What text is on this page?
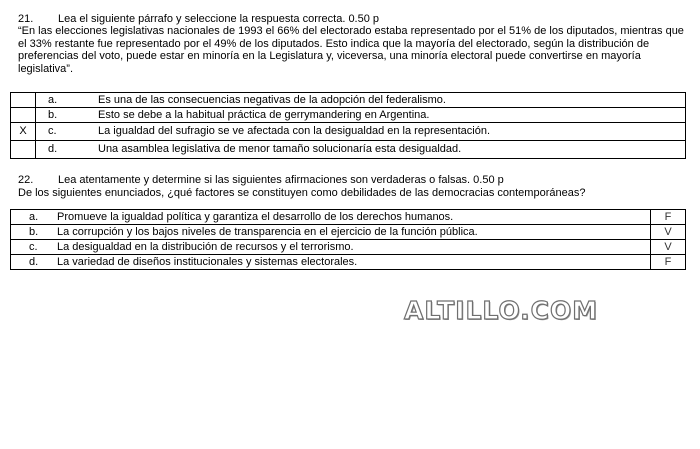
21. Lea el siguiente párrafo y seleccione la respuesta correcta. 0.50 p
“En las elecciones legislativas nacionales de 1993 el 66% del electorado estaba representado por el 51% de los diputados, mientras que el 33% restante fue representado por el 49% de los diputados. Esto indica que la mayoría del electorado, según la distribución de preferencias del voto, puede estar en minoría en la Legislatura y, viceversa, una minoría electoral puede convertirse en mayoría legislativa”.
	a.	Es una de las consecuencias negativas de la adopción del federalismo.
	b.	Esto se debe a la habitual práctica de gerrymandering en Argentina.
X	c.	La igualdad del sufragio se ve afectada con la desigualdad en la representación.
	d.	Una asamblea legislativa de menor tamaño solucionaría esta desigualdad.
22. Lea atentamente y determine si las siguientes afirmaciones son verdaderas o falsas. 0.50 p
De los siguientes enunciados, ¿qué factores se constituyen como debilidades de las democracias contemporáneas?
a.	Promueve la igualdad política y garantiza el desarrollo de los derechos humanos.	F
b.	La corrupción y los bajos niveles de transparencia en el ejercicio de la función pública.	V
c.	La desigualdad en la distribución de recursos y el terrorismo.	V
d.	La variedad de diseños institucionales y sistemas electorales.	F
ALTILLO.COM
